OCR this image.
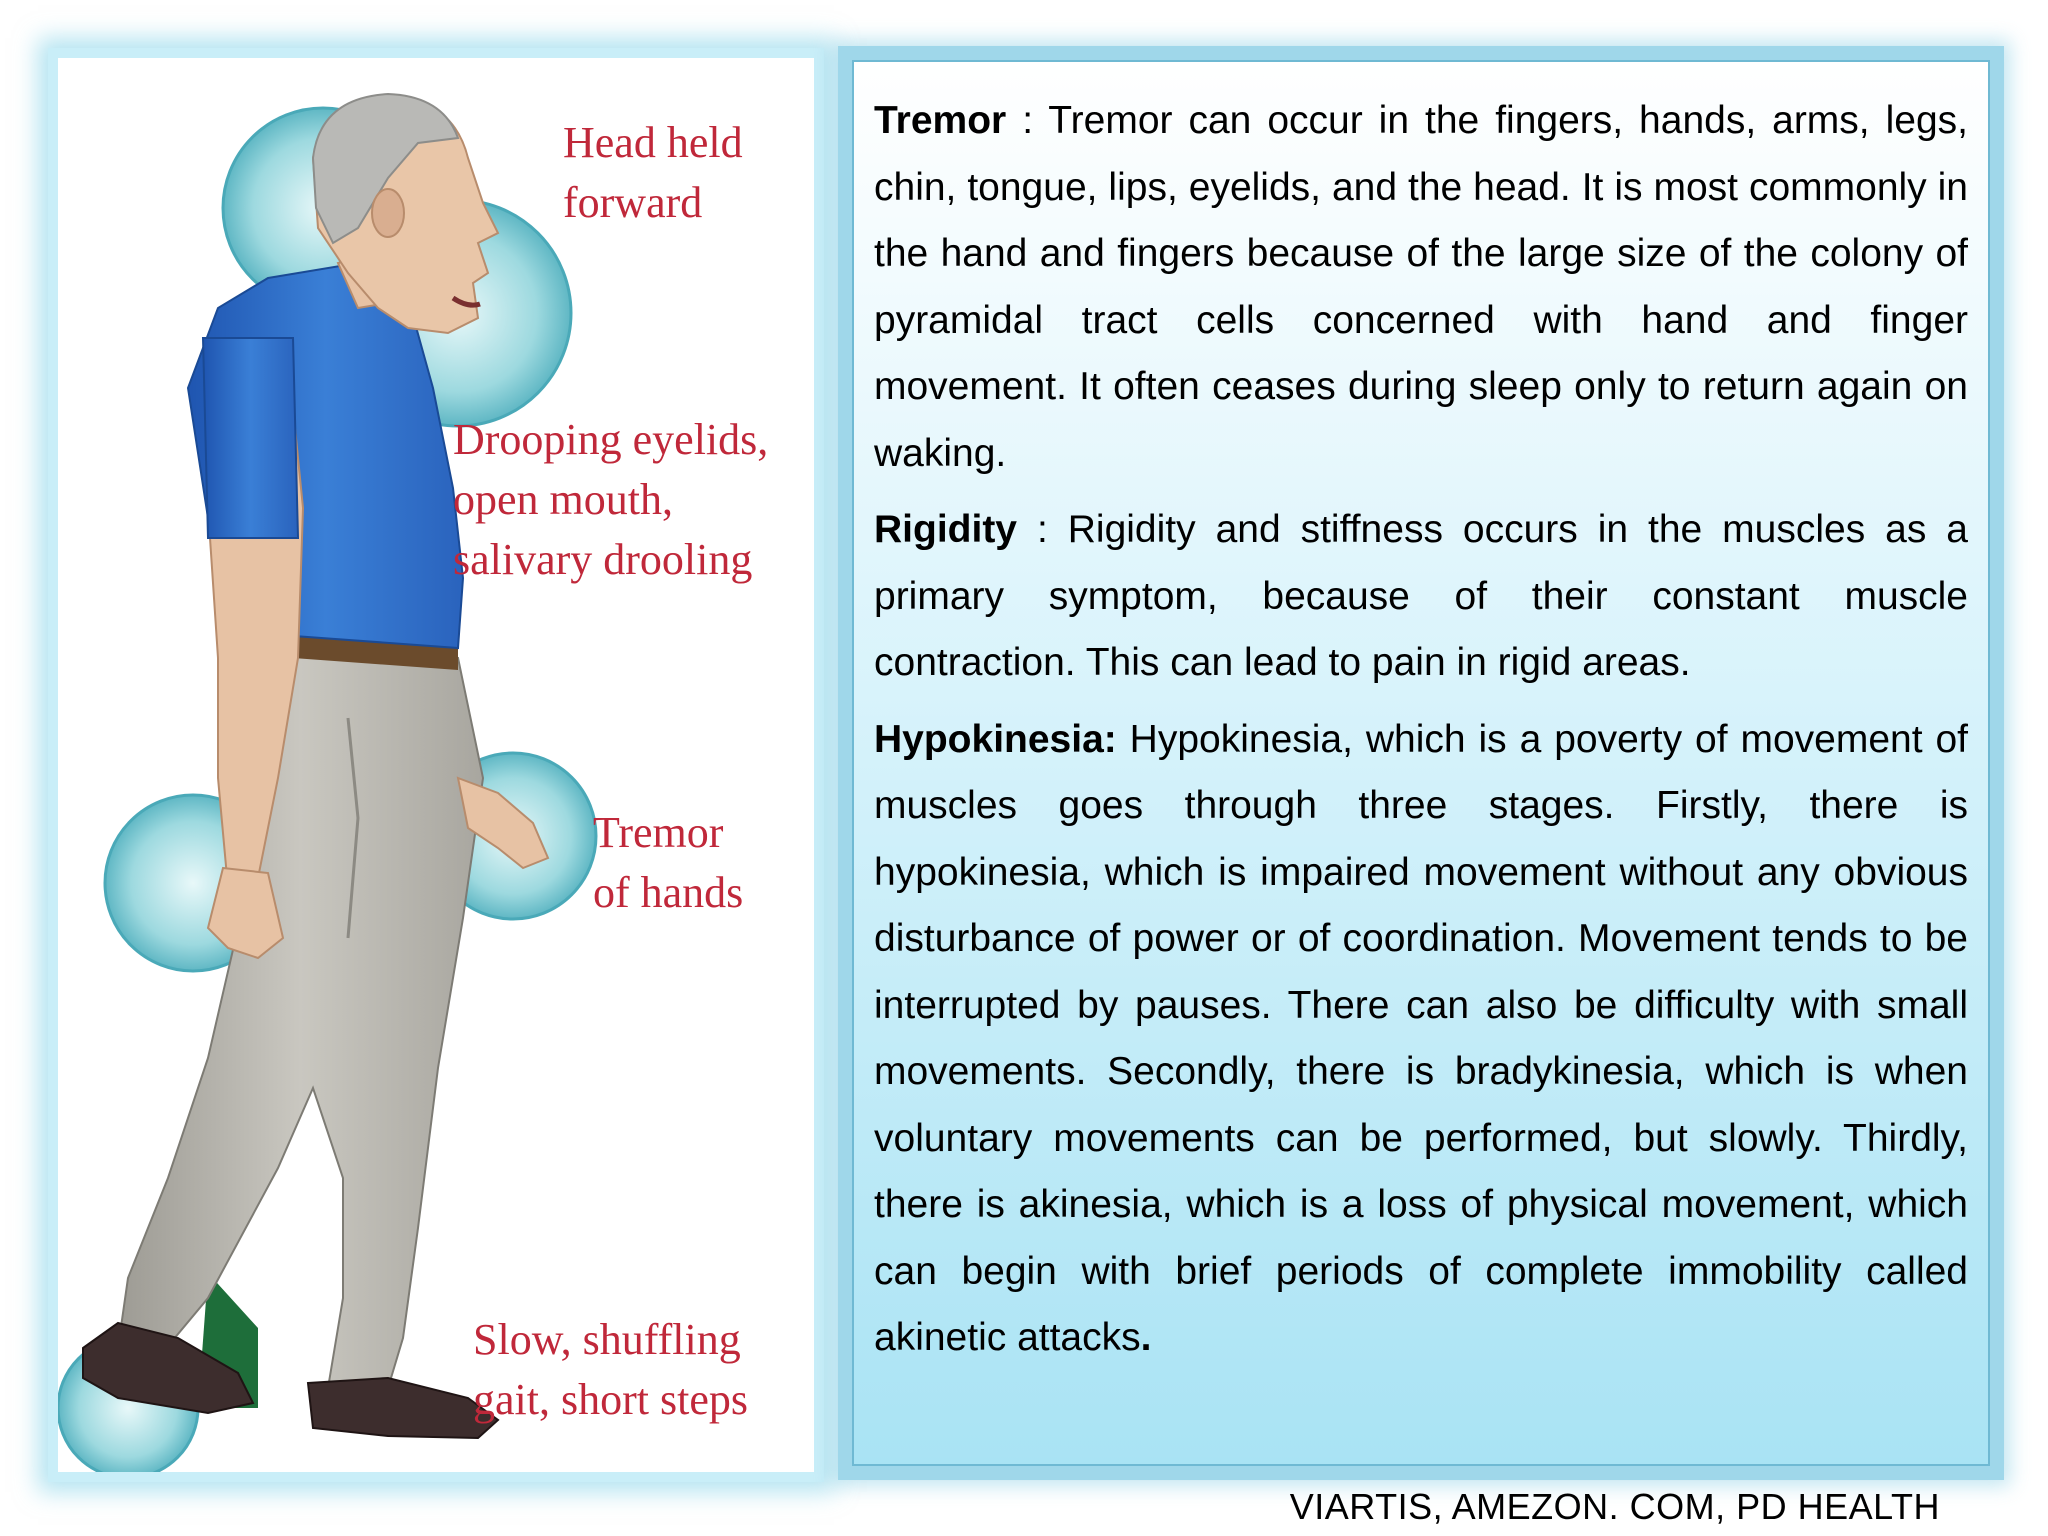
Head held
forward
Drooping eyelids,
open mouth,
salivary drooling
Tremor
of hands
Slow, shuffling
gait, short steps

Tremor : Tremor can occur in the fingers, hands, arms, legs, chin, tongue, lips, eyelids, and the head. It is most commonly in the hand and fingers because of the large size of the colony of pyramidal tract cells concerned with hand and finger movement. It often ceases during sleep only to return again on waking.

Rigidity : Rigidity and stiffness occurs in the muscles as a primary symptom, because of their constant muscle contraction. This can lead to pain in rigid areas.

Hypokinesia: Hypokinesia, which is a poverty of movement of muscles goes through three stages. Firstly, there is hypokinesia, which is impaired movement without any obvious disturbance of power or of coordination. Movement tends to be interrupted by pauses. There can also be difficulty with small movements. Secondly, there is bradykinesia, which is when voluntary movements can be performed, but slowly. Thirdly, there is akinesia, which is a loss of physical movement, which can begin with brief periods of complete immobility called akinetic attacks.

VIARTIS, AMEZON. COM, PD HEALTH
